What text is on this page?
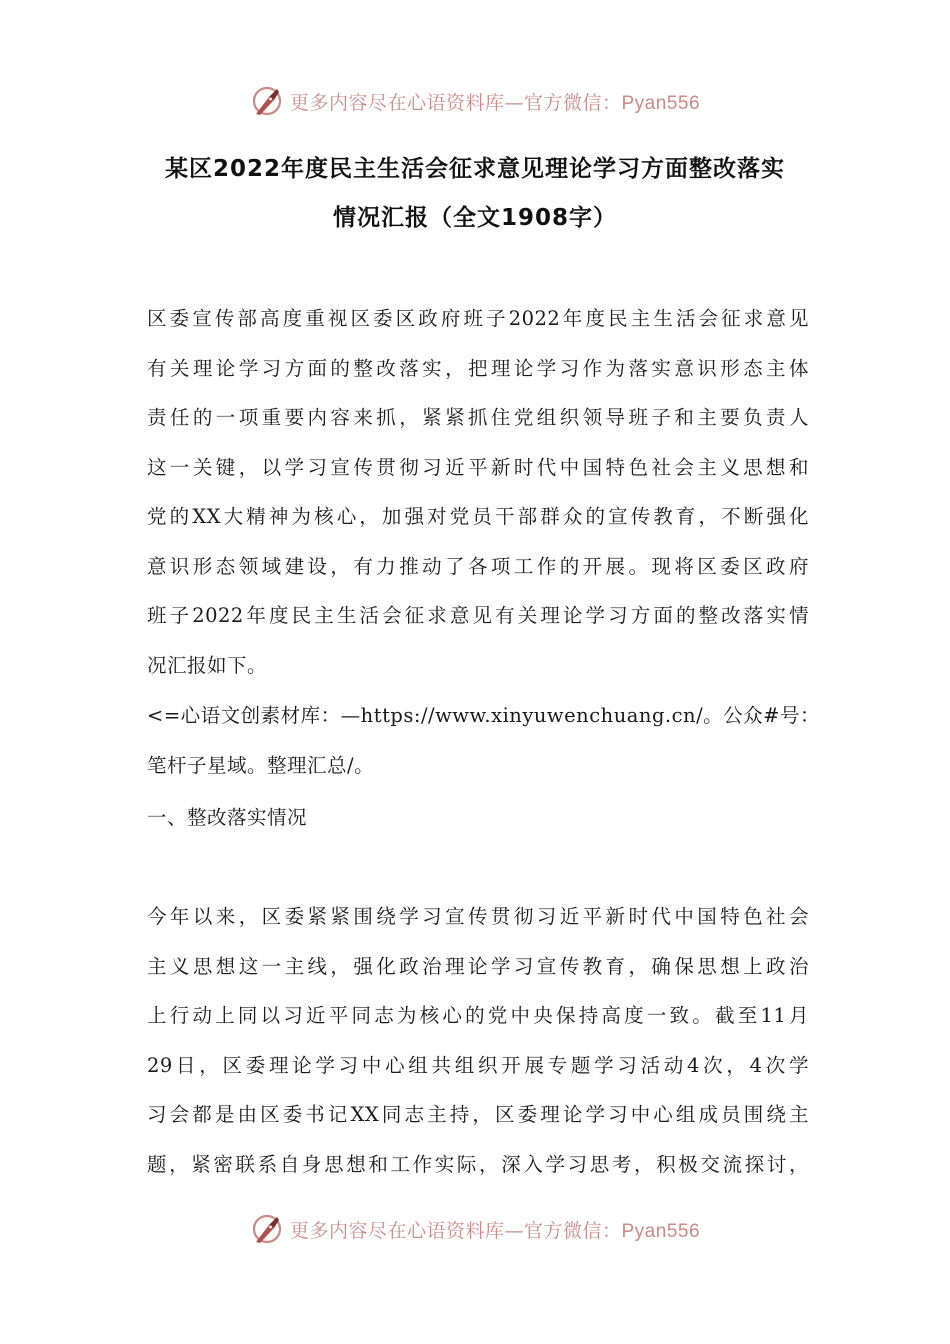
更多内容尽在心语资料库—官方微信：Pyan556
某区2022年度民主生活会征求意见理论学习方面整改落实
情况汇报（全文1908字）
区委宣传部高度重视区委区政府班子2022年度民主生活会征求意见
有关理论学习方面的整改落实，把理论学习作为落实意识形态主体
责任的一项重要内容来抓，紧紧抓住党组织领导班子和主要负责人
这一关键，以学习宣传贯彻习近平新时代中国特色社会主义思想和
党的XX大精神为核心，加强对党员干部群众的宣传教育，不断强化
意识形态领域建设，有力推动了各项工作的开展。现将区委区政府
班子2022年度民主生活会征求意见有关理论学习方面的整改落实情
况汇报如下。
<=心语文创素材库：—https://www.xinyuwenchuang.cn/。公众#号：
笔杆子星域。整理汇总/。
一、整改落实情况
今年以来，区委紧紧围绕学习宣传贯彻习近平新时代中国特色社会
主义思想这一主线，强化政治理论学习宣传教育，确保思想上政治
上行动上同以习近平同志为核心的党中央保持高度一致。截至11月
29日，区委理论学习中心组共组织开展专题学习活动4次，4次学
习会都是由区委书记XX同志主持，区委理论学习中心组成员围绕主
题，紧密联系自身思想和工作实际，深入学习思考，积极交流探讨，
更多内容尽在心语资料库—官方微信：Pyan556
